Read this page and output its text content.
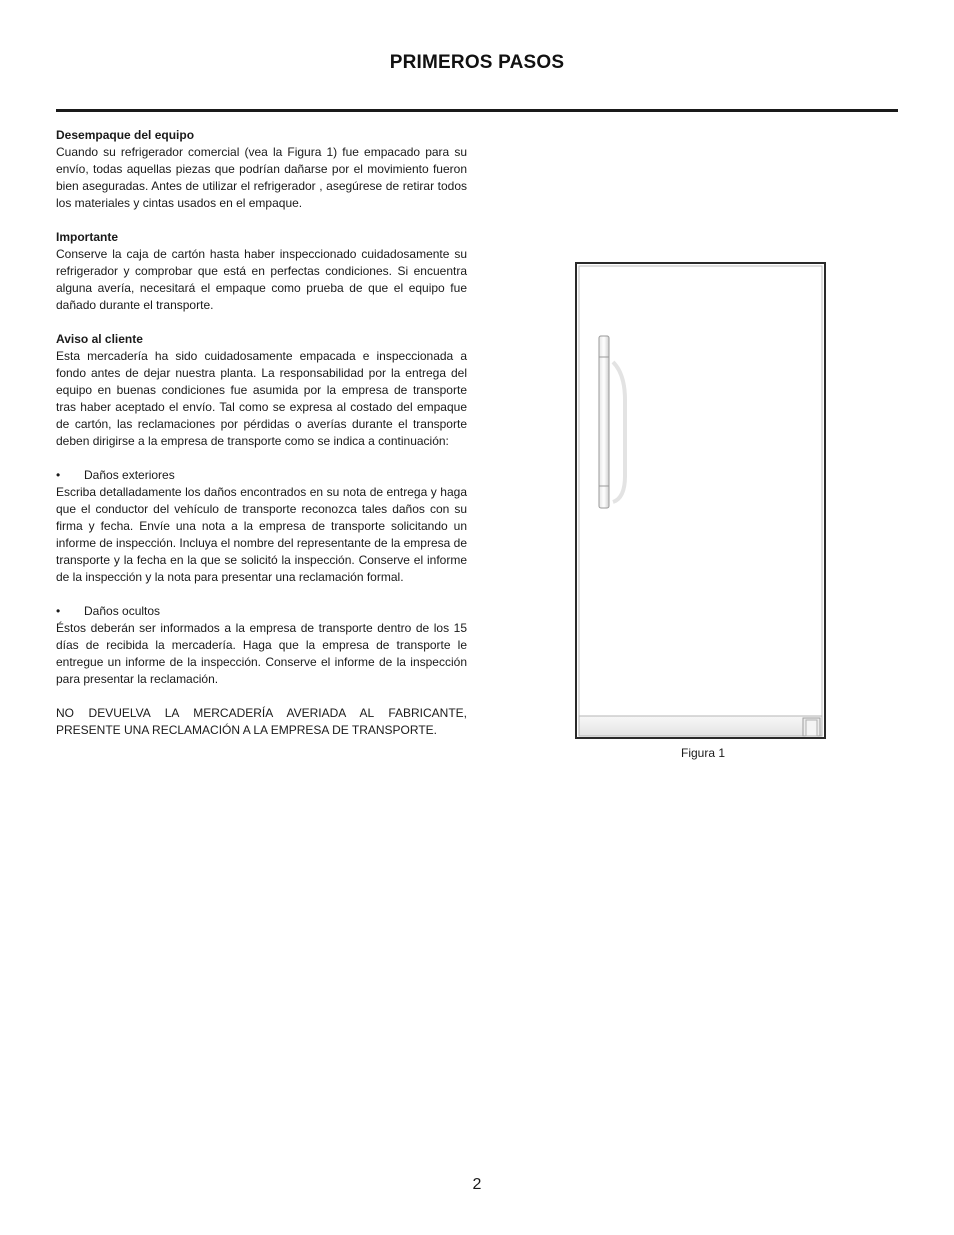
PRIMEROS PASOS
Desempaque del equipo
Cuando su refrigerador comercial (vea la Figura 1) fue empacado para su envío, todas aquellas piezas que podrían dañarse por el movimiento fueron bien aseguradas. Antes de utilizar el refrigerador , asegúrese de retirar todos los materiales y cintas usados en el empaque.
Importante
Conserve la caja de cartón hasta haber inspeccionado cuidadosamente su refrigerador y comprobar que está en perfectas condiciones. Si encuentra alguna avería, necesitará el empaque como prueba de que el equipo fue dañado durante el transporte.
Aviso al cliente
Esta mercadería ha sido cuidadosamente empacada e inspeccionada a fondo antes de dejar nuestra planta. La responsabilidad por la entrega del equipo en buenas condiciones fue asumida por la empresa de transporte tras haber aceptado el envío. Tal como se expresa al costado del empaque de cartón, las reclamaciones por pérdidas o averías durante el transporte deben dirigirse a la empresa de transporte como se indica a continuación:
• Daños exteriores
Escriba detalladamente los daños encontrados en su nota de entrega y haga que el conductor del vehículo de transporte reconozca tales daños con su firma y fecha. Envíe una nota a la empresa de transporte solicitando un informe de inspección. Incluya el nombre del representante de la empresa de transporte y la fecha en la que se solicitó la inspección. Conserve el informe de la inspección y la nota para presentar una reclamación formal.
• Daños ocultos
Éstos deberán ser informados a la empresa de transporte dentro de los 15 días de recibida la mercadería. Haga que la empresa de transporte le entregue un informe de la inspección. Conserve el informe de la inspección para presentar la reclamación.
NO DEVUELVA LA MERCADERÍA AVERIADA AL FABRICANTE, PRESENTE UNA RECLAMACIÓN A LA EMPRESA DE TRANSPORTE.
Figura 1
2
